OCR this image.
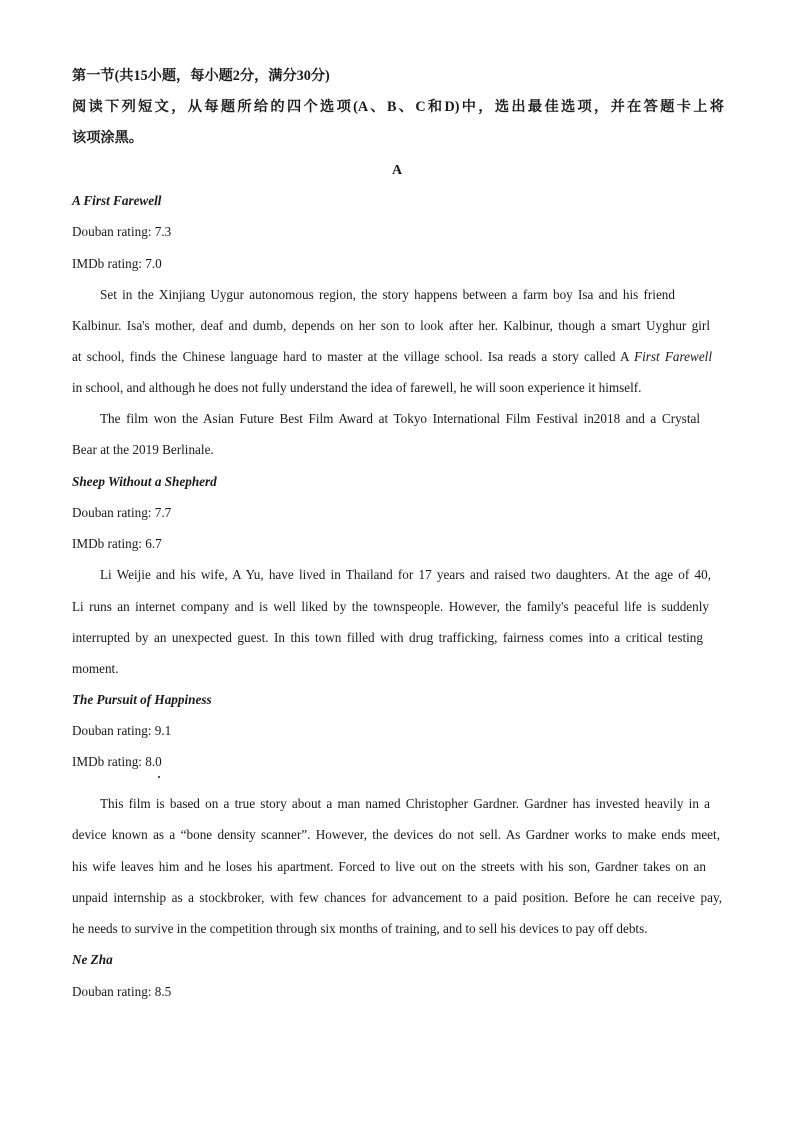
第一节(共15小题，每小题2分，满分30分)
阅读下列短文，从每题所给的四个选项(A、B、C和D)中，选出最佳选项，并在答题卡上将
该项涂黑。
A
A First Farewell
Douban rating: 7.3
IMDb rating: 7.0
Set in the Xinjiang Uygur autonomous region, the story happens between a farm boy Isa and his friend
Kalbinur. Isa's mother, deaf and dumb, depends on her son to look after her. Kalbinur, though a smart Uyghur girl
at school, finds the Chinese language hard to master at the village school. Isa reads a story called A First Farewell
in school, and although he does not fully understand the idea of farewell, he will soon experience it himself.
The film won the Asian Future Best Film Award at Tokyo International Film Festival in2018 and a Crystal
Bear at the 2019 Berlinale.
Sheep Without a Shepherd
Douban rating: 7.7
IMDb rating: 6.7
Li Weijie and his wife, A Yu, have lived in Thailand for 17 years and raised two daughters. At the age of 40,
Li runs an internet company and is well liked by the townspeople. However, the family's peaceful life is suddenly
interrupted by an unexpected guest. In this town filled with drug trafficking, fairness comes into a critical testing
moment.
The Pursuit of Happiness
Douban rating: 9.1
IMDb rating: 8.0
This film is based on a true story about a man named Christopher Gardner. Gardner has invested heavily in a
device known as a “bone density scanner”. However, the devices do not sell. As Gardner works to make ends meet,
his wife leaves him and he loses his apartment. Forced to live out on the streets with his son, Gardner takes on an
unpaid internship as a stockbroker, with few chances for advancement to a paid position. Before he can receive pay,
he needs to survive in the competition through six months of training, and to sell his devices to pay off debts.
Ne Zha
Douban rating: 8.5
